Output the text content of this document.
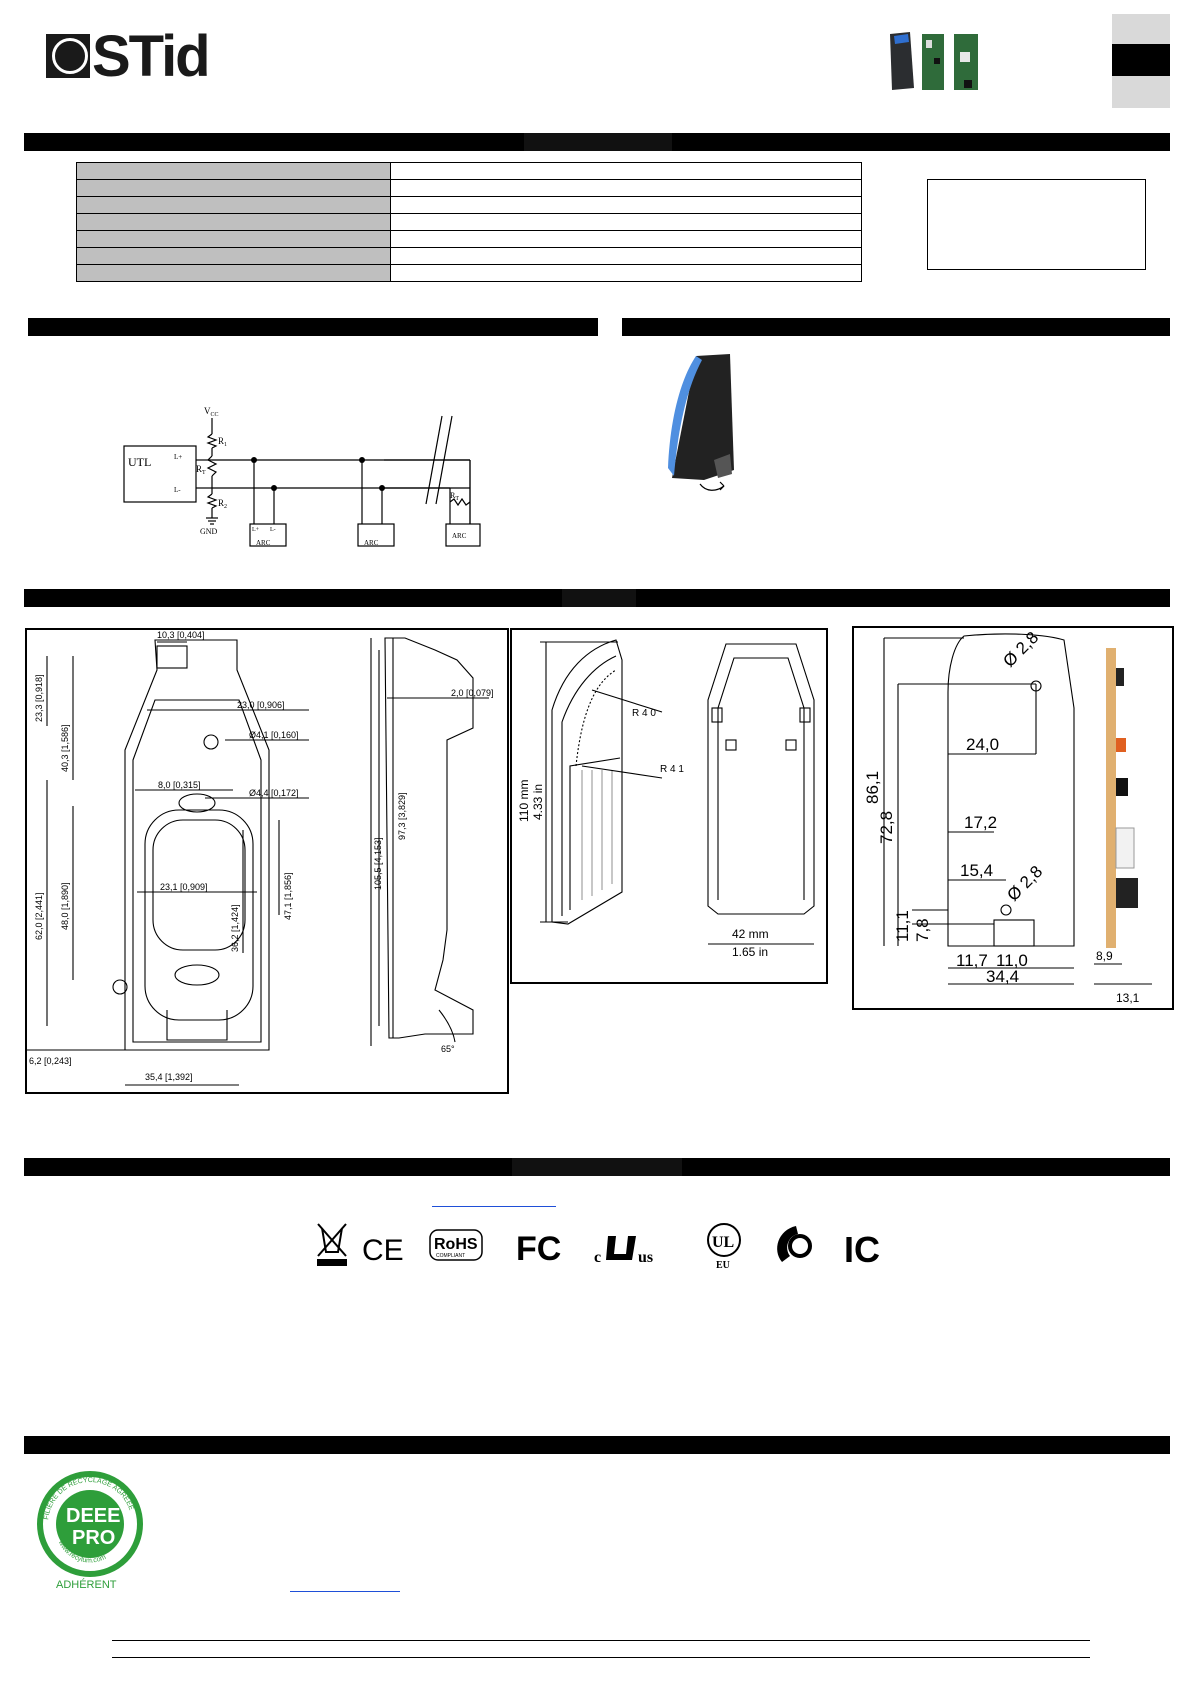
STid

$V_{CC}$
$R_1$
$R_T$
$R_2$
UTL	L+
L-
GND	L+ L-
ARC	ARC
$R_T$
ARC
10,3 [0,404]
23,3 [0,918]
40,3 [1,586]
23,0 [0,906]
Ø4,1 [0,160]
8,0 [0,315]
Ø4,4 [0,172]
62,0 [2,441] 48,0 [1,890]	23,1 [0,909]
36,2 [1,424]
47,1 [1,856]
6,2 [0,243]
35,4 [1,392]
105,5 [4,153]
97,3 [3,829]
2,0 [0,079]
65°
R 4 0
R 4 1
110 mm 4.33 in
42 mm
1.65 in
Ø 2,8
24,0
86,1
72,8	17,2
15,4 Ø 2,8
11,1 7,8
11,7 11,0
34,4
8,9
13,1
CE RoHS
COMPLIANT FC c us
UL
EU	IC
FILIÈRE DE RECYCLAGE AGRÉÉE
DEEE
PRO
www.recylum.com
ADHÉRENT
